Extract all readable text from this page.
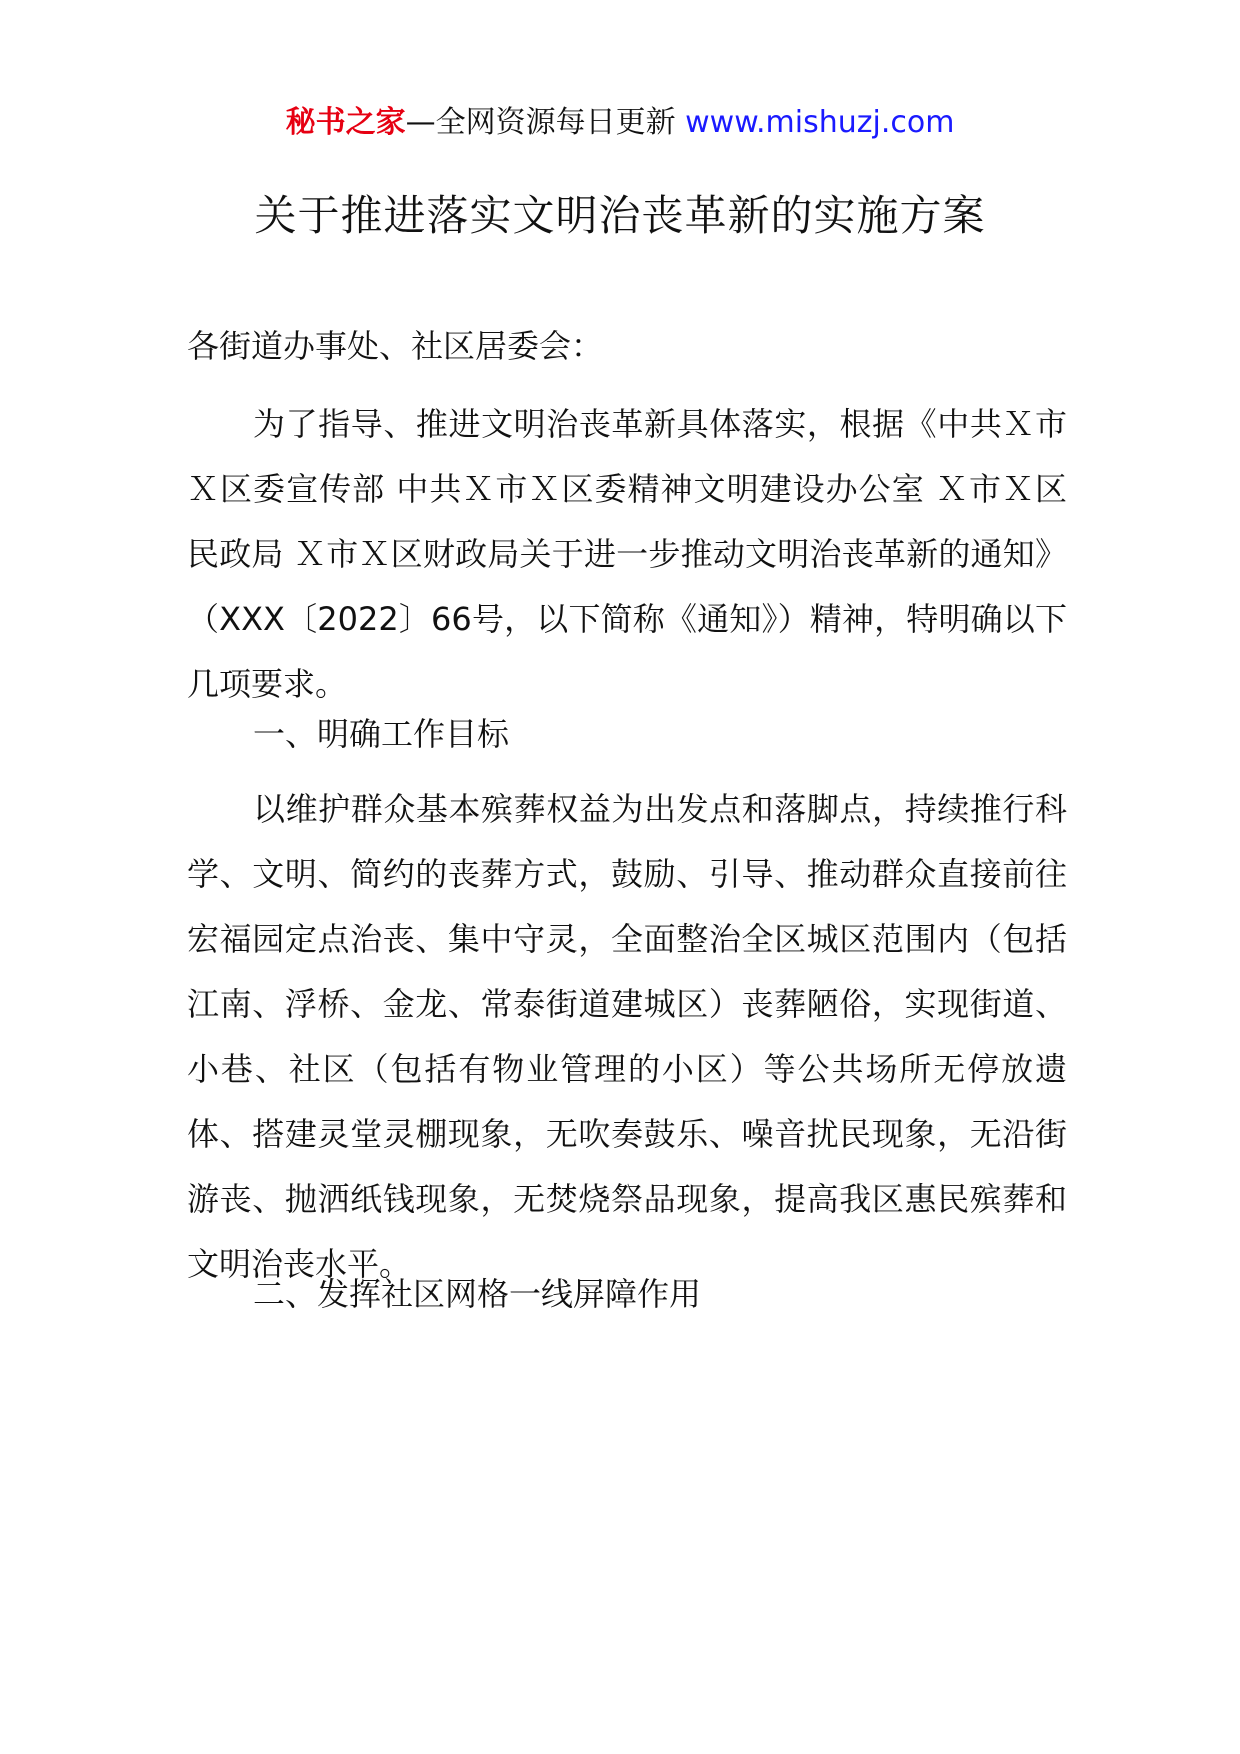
秘书之家—全网资源每日更新 www.mishuzj.com
关于推进落实文明治丧革新的实施方案

各街道办事处、社区居委会：

为了指导、推进文明治丧革新具体落实，根据《中共Ｘ市Ｘ区委宣传部 中共Ｘ市Ｘ区委精神文明建设办公室 Ｘ市Ｘ区民政局 Ｘ市Ｘ区财政局关于进一步推动文明治丧革新的通知》（XXX〔2022〕66号，以下简称《通知》）精神，特明确以下几项要求。

一、明确工作目标

以维护群众基本殡葬权益为出发点和落脚点，持续推行科学、文明、简约的丧葬方式，鼓励、引导、推动群众直接前往宏福园定点治丧、集中守灵，全面整治全区城区范围内（包括江南、浮桥、金龙、常泰街道建城区）丧葬陋俗，实现街道、小巷、社区（包括有物业管理的小区）等公共场所无停放遗体、搭建灵堂灵棚现象，无吹奏鼓乐、噪音扰民现象，无沿街游丧、抛洒纸钱现象，无焚烧祭品现象，提高我区惠民殡葬和文明治丧水平。

二、发挥社区网格一线屏障作用
